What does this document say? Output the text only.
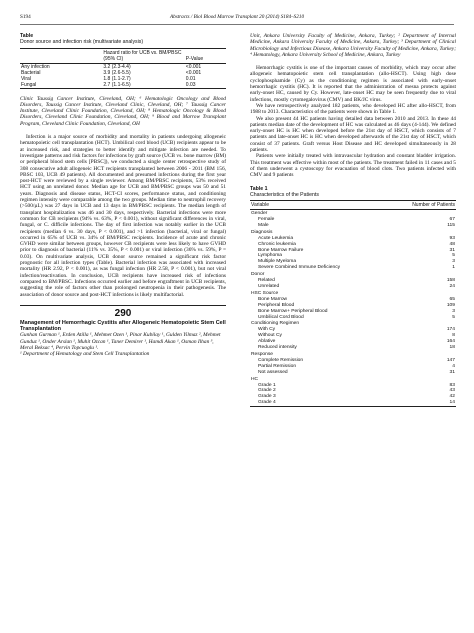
S194	Abstracts / Biol Blood Marrow Transplant 20 (2014) S184–S210
Table
Donor source and infection risk (multivariate analysis)
	Hazard ratio for UCB vs. BM/PBSC (95% CI)	P-Value
Any infection	3.2 (2.3-4.4)	<0.001
Bacterial	3.9 (2.6-5.5)	<0.001
Viral	1.8 (1.1-2.7)	0.01
Fungal	2.7 (1.1-6.5)	0.03

Clinic Taussig Cancer Institute, Cleveland, OH; ⁶ Hematologic Oncology and Blood Disorders, Taussig Cancer Institute, Cleveland Clinic, Cleveland, OH; ⁷ Taussig Cancer Institute, Cleveland Clinic Foundation, Cleveland, OH; ⁸ Hematologic Oncology & Blood Disorders, Cleveland Clinic Foundation, Cleveland, OH; ⁹ Blood and Marrow Transplant Program, Cleveland Clinic Foundation, Cleveland, OH

Infection is a major source of morbidity and mortality in patients undergoing allogeneic hematopoietic cell transplantation (HCT). Umbilical cord blood (UCB) recipients appear to be at increased risk, and strategies to better identify and mitigate infection are needed. To investigate patterns and risk factors for infections by graft source (UCB vs. bone marrow (BM) or peripheral blood stem cells [PBSC]), we conducted a single center retrospective study of 308 consecutive adult allogeneic HCT recipients transplanted between 2006 - 2011 (BM 156, PBSC 103, UCB 49 patients). All documented and presumed infections during the first year post-HCT were reviewed by a single reviewer. Among BM/PBSC recipients, 53% received HCT using an unrelated donor. Median age for UCB and BM/PBSC groups was 50 and 51 years. Diagnosis and disease status, HCT-CI scores, performance status, and conditioning regimen intensity were comparable among the two groups. Median time to neutrophil recovery (>500/µL) was 27 days in UCB and 13 days in BM/PBSC recipients. The median length of transplant hospitalization was 46 and 30 days, respectively. Bacterial infections were more common for CB recipients (94% vs. 63%, P < 0.001), without significant differences in viral, fungal, or C. difficile infections. The day of first infection was notably earlier in the UCB recipients (median 6 vs. 30 days, P < 0.001), and >1 infection (bacterial, viral or fungal) occurred in 65% of UCB vs. 34% of BM/PBSC recipients. Incidence of acute and chronic GVHD were similar between groups, however CB recipients were less likely to have GVHD prior to diagnosis of bacterial (11% vs. 35%, P < 0.001) or viral infection (36% vs. 59%, P = 0.03). On multivariate analysis, UCB donor source remained a significant risk factor prognostic for all infection types (Table). Bacterial infection was associated with increased mortality (HR 2.92, P < 0.001), as was fungal infection (HR 2.58, P < 0.001), but not viral infection/reactivation. In conclusion, UCB recipients have increased risk of infections compared to BM/PBSC. Infections occurred earlier and before engraftment in UCB recipients, suggesting the role of factors other than prolonged neutropenia in their pathogenesis. The association of donor source and post-HCT infections is likely multifactorial.

290
Management of Hemorrhagic Cystitis after Allogeneic Hematopoietic Stem Cell Transplantation
Gunhan Gurman ¹, Erden Atilla ¹, Mehmet Ozen ¹, Pinar Kubilay ¹, Gulden Yilmaz ², Mehmet Gunduz ¹, Onder Arslan ¹, Muhit Ozcan ¹, Taner Demirer ¹, Hamdi Akan ¹, Osman Ilhan ³, Meral Beksac ⁴, Pervin Topcuoglu ¹.
¹ Department of Hematology and Stem Cell Transplantation

Unit, Ankara University Faculty of Medicine, Ankara, Turkey; ² Department of Internal Medicine, Ankara University Faculty of Medicine, Ankara, Turkey; ³ Department of Clinical Microbiology and Infectious Disease, Ankara University Faculty of Medicine, Ankara, Turkey; ⁴ Hematology, Ankara University School of Medicine, Ankara, Turkey

Hemorrhagic cystitis is one of the important causes of morbidity, which may occur after allogeneic hematopoietic stem cell transplantation (allo-HSCT). Using high dose cyclophosphamide (Cy) as the conditioning regimen is associated with early-onset hemorrhagic cystitis (HC). It is reported that the administration of mesna protects against early-onset HC, caused by Cy. However, late-onset HC may be seen frequently due to viral infections, mostly cytomegalovirus (CMV) and BK/JC virus.

We have retrospectively analyzed 182 patients, who developed HC after allo-HSCT, from 1988 to 2013. Characteristics of the patients were shown in Table 1.

We also present 44 HC patients having detailed data between 2010 and 2013. In these 44 patients median date of the development of HC was calculated as 46 days (4-144). We defined early-onset HC is HC when developed before the 21st day of HSCT, which consists of 7 patients and late-onset HC is HC when developed afterwards of the 21st day of HSCT, which consist of 37 patients. Graft versus Host Disease and HC developed simultaneously in 28 patients.

Patients were initially treated with intravascular hydration and constant bladder irrigation. This treatment was effective within most of the patients. The treatment failed in 11 cases and 5 of them underwent a cystoscopy for evacuation of blood clots. Two patients infected with CMV and 9 patients

Table 1
Characteristics of the Patients
Variable	Number of Patients
Gender	
Female	67
Male	115
Diagnosis	
Acute Leukemia	93
Chronic leukemia	48
Bone Marrow Failure	31
Lymphoma	5
Multiple Myeloma	3
Severe Combined Immune Deficiency	1
Donor	
Related	158
Unrelated	24
HSC Source	
Bone Marrow	65
Peripheral Blood	109
Bone Marrow+ Peripheral Blood	3
Umbilical Cord Blood	5
Conditioning Regimen	
With Cy	174
Without Cy	8
Ablative	164
Reduced intensity	18
Response	
Complete Remission	147
Partial Remission	4
Not assessed	31
HC	
Grade 1	83
Grade 2	43
Grade 3	42
Grade 4	14
